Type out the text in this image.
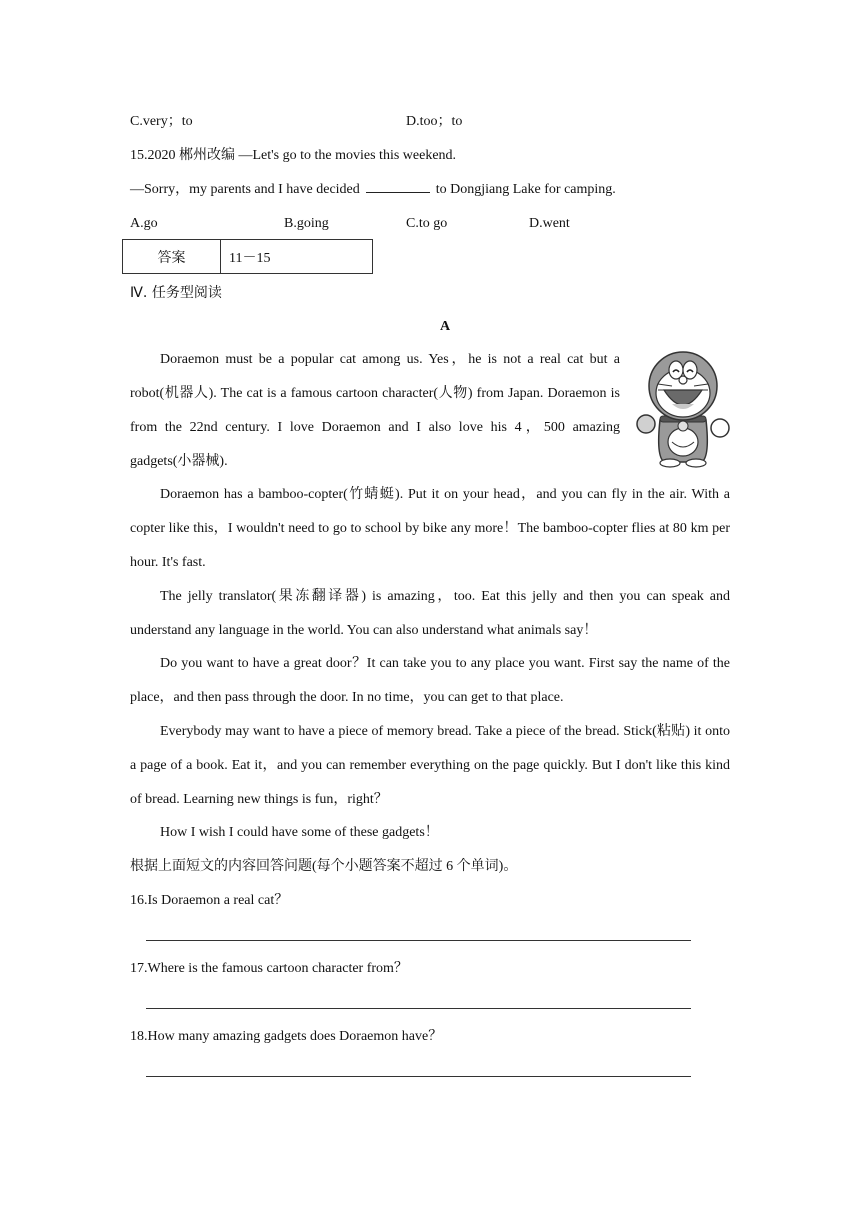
C.very；to	D.too；to
15.2020 郴州改编 —Let's go to the movies this weekend.
—Sorry，my parents and I have decided	to Dongjiang Lake for camping.
A.go	B.going	C.to go	D.went
答案	11－15
Ⅳ. 任务型阅读
A
Doraemon must be a popular cat among us. Yes，he is not a real cat but a robot(机器人). The cat is a famous cartoon character(人物) from Japan. Doraemon is from the 22nd century. I love Doraemon and I also love his 4，500 amazing gadgets(小器械).
Doraemon has a bamboo-copter(竹蜻蜓). Put it on your head，and you can fly in the air. With a copter like this，I wouldn't need to go to school by bike any more！The bamboo-copter flies at 80 km per hour. It's fast.
The jelly translator(果冻翻译器) is amazing，too. Eat this jelly and then you can speak and understand any language in the world. You can also understand what animals say！
Do you want to have a great door？It can take you to any place you want. First say the name of the place，and then pass through the door. In no time，you can get to that place.
Everybody may want to have a piece of memory bread. Take a piece of the bread. Stick(粘贴) it onto a page of a book. Eat it，and you can remember everything on the page quickly. But I don't like this kind of bread. Learning new things is fun，right？
How I wish I could have some of these gadgets！
根据上面短文的内容回答问题(每个小题答案不超过 6 个单词)。
16.Is Doraemon a real cat？
17.Where is the famous cartoon character from？
18.How many amazing gadgets does Doraemon have？
